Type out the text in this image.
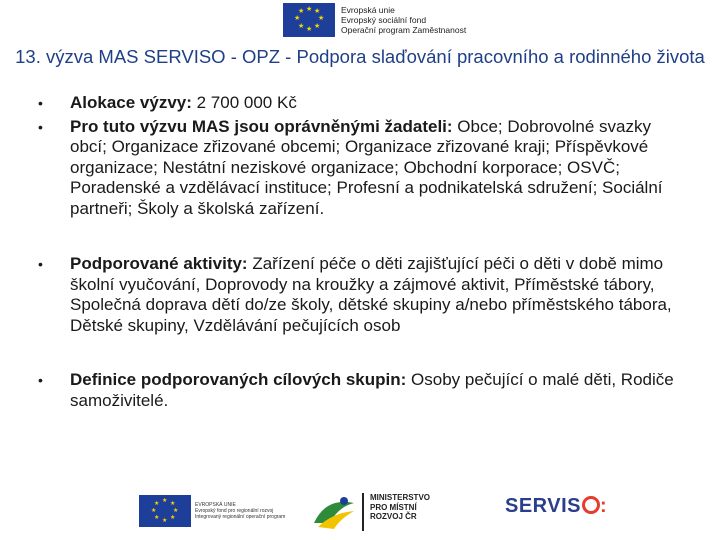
★ ★
★
★
★
★
★
★	Evropská unie
Evropský sociální fond
Operační program Zaměstnanost
13. výzva MAS SERVISO - OPZ - Podpora slaďování pracovního a rodinného života
•	Alokace výzvy: 2 700 000 Kč

•	Pro tuto výzvu MAS jsou oprávněnými žadateli: Obce; Dobrovolné svazky obcí; Organizace zřizované obcemi; Organizace zřizované kraji; Příspěvkové organizace; Nestátní neziskové organizace; Obchodní korporace; OSVČ; Poradenské a vzdělávací instituce; Profesní a podnikatelská sdružení; Sociální partneři; Školy a školská zařízení.

•	Podporované aktivity: Zařízení péče o děti zajišťující péči o děti v době mimo školní vyučování, Doprovody na kroužky a zájmové aktivit, Příměstské tábory, Společná doprava dětí do/ze školy, dětské skupiny a/nebo příměstského tábora, Dětské skupiny, Vzdělávání pečujících osob

•	Definice podporovaných cílových skupin: Osoby pečující o malé děti, Rodiče samoživitelé.

★ ★
★
★
★
★
★
★	EVROPSKÁ UNIE
Evropský fond pro regionální rozvoj
Integrovaný regionální operační program
MINISTERSTVO
PRO MÍSTNÍ
ROZVOJ ČR	SERVIS :
